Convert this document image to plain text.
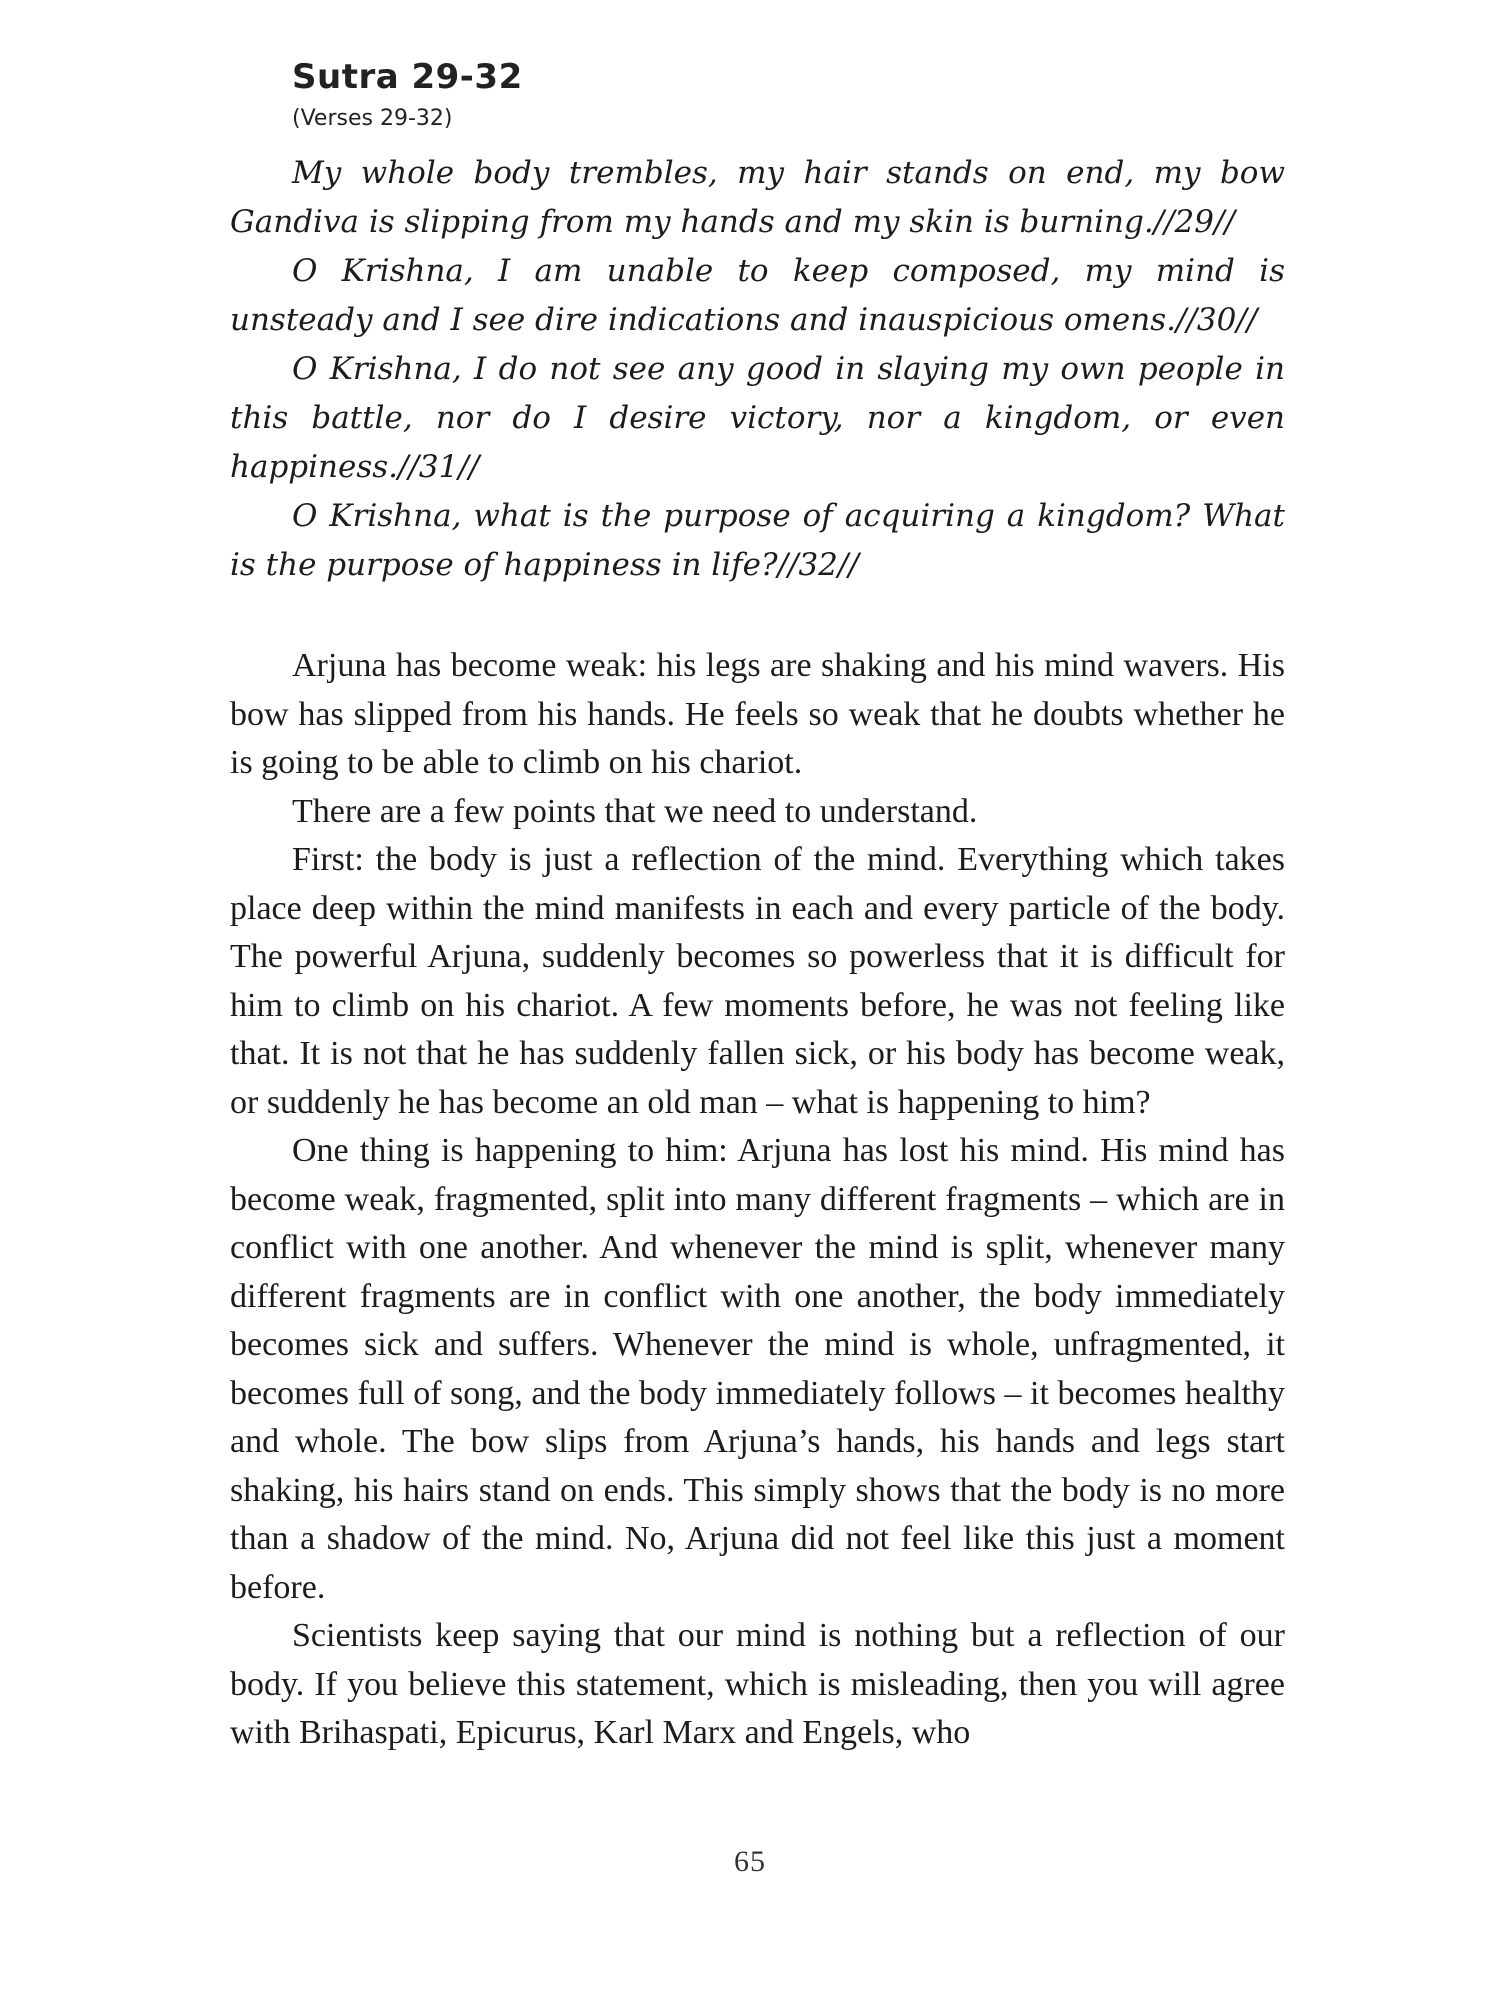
Sutra 29-32
(Verses 29-32)

My whole body trembles, my hair stands on end, my bow Gandiva is slipping from my hands and my skin is burning.//29//

O Krishna, I am unable to keep composed, my mind is unsteady and I see dire indications and inauspicious omens.//30//

O Krishna, I do not see any good in slaying my own people in this battle, nor do I desire victory, nor a kingdom, or even happiness.//31//

O Krishna, what is the purpose of acquiring a kingdom? What is the purpose of happiness in life?//32//

Arjuna has become weak: his legs are shaking and his mind wavers. His bow has slipped from his hands. He feels so weak that he doubts whether he is going to be able to climb on his chariot.

There are a few points that we need to understand.

First: the body is just a reflection of the mind. Everything which takes place deep within the mind manifests in each and every particle of the body. The powerful Arjuna, suddenly becomes so powerless that it is difficult for him to climb on his chariot. A few moments before, he was not feeling like that. It is not that he has suddenly fallen sick, or his body has become weak, or suddenly he has become an old man – what is happening to him?

One thing is happening to him: Arjuna has lost his mind. His mind has become weak, fragmented, split into many different fragments – which are in conflict with one another. And whenever the mind is split, whenever many different fragments are in conflict with one another, the body immediately becomes sick and suffers. Whenever the mind is whole, unfragmented, it becomes full of song, and the body immediately follows – it becomes healthy and whole. The bow slips from Arjuna’s hands, his hands and legs start shaking, his hairs stand on ends. This simply shows that the body is no more than a shadow of the mind. No, Arjuna did not feel like this just a moment before.

Scientists keep saying that our mind is nothing but a reflection of our body. If you believe this statement, which is misleading, then you will agree with Brihaspati, Epicurus, Karl Marx and Engels, who

65
